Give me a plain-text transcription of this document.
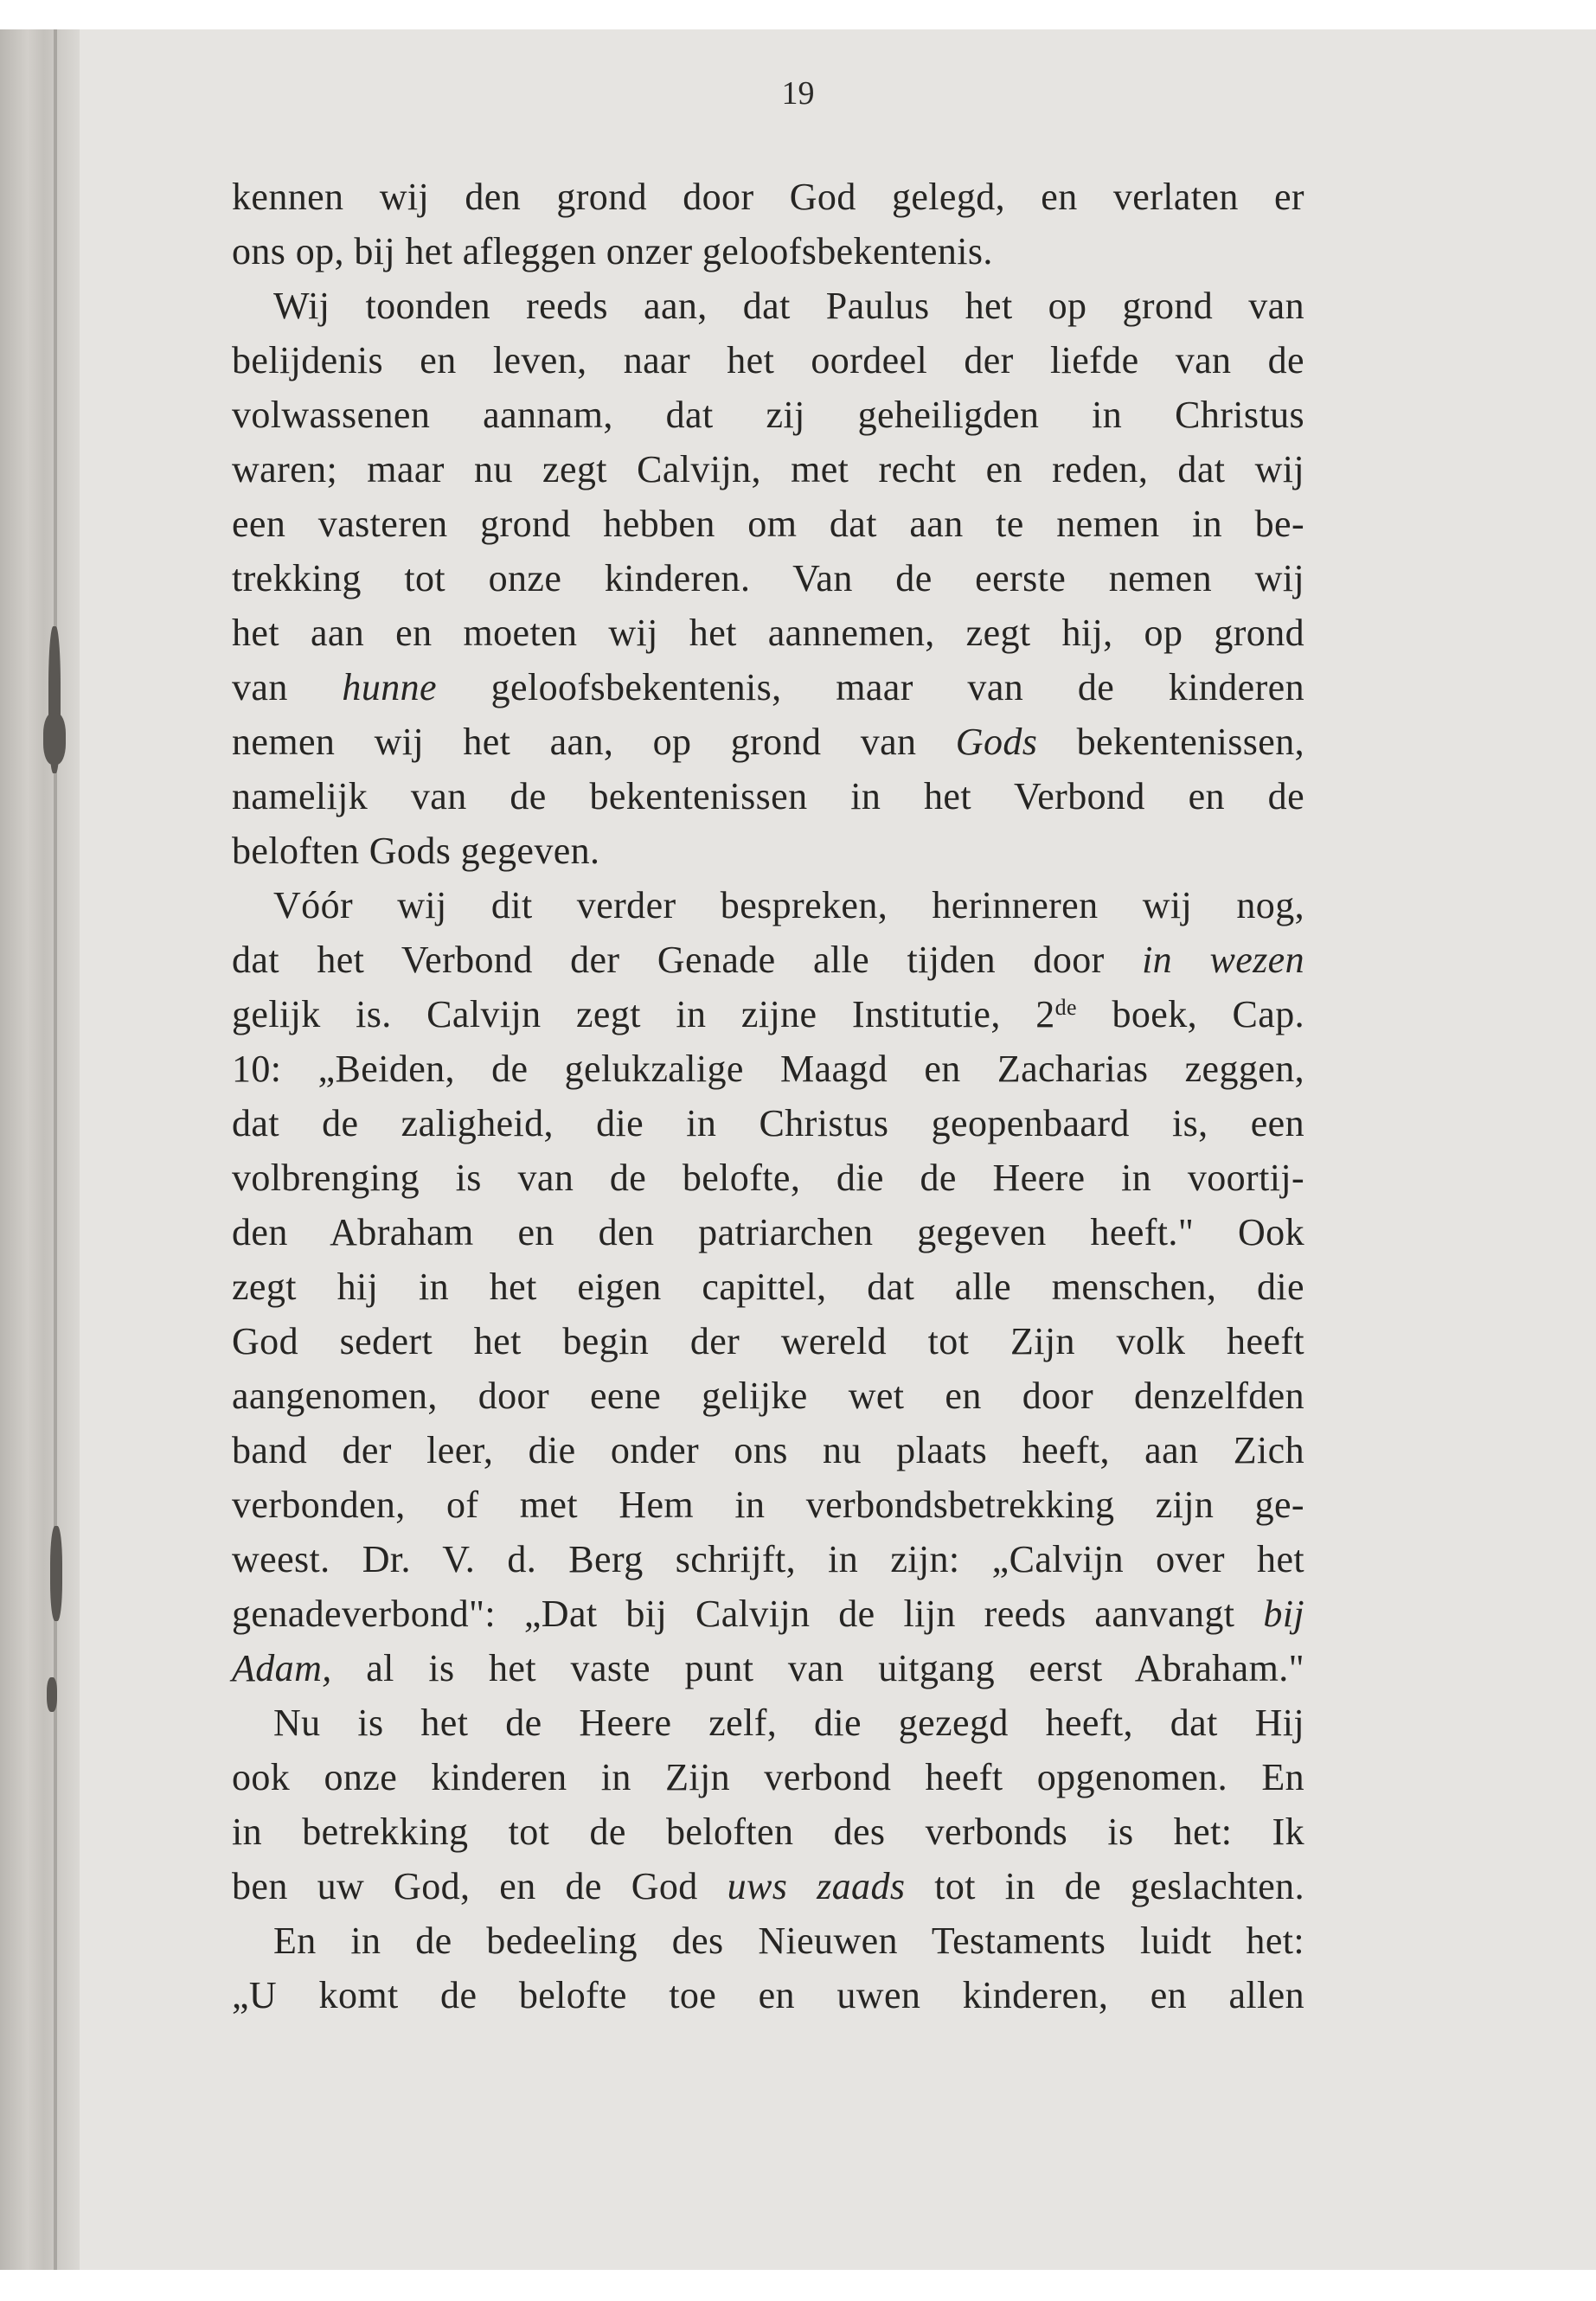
19
kennen wij den grond door God gelegd, en verlaten er
ons op, bij het afleggen onzer geloofsbekentenis.
Wij toonden reeds aan, dat Paulus het op grond van
belijdenis en leven, naar het oordeel der liefde van de
volwassenen aannam, dat zij geheiligden in Christus
waren; maar nu zegt Calvijn, met recht en reden, dat wij
een vasteren grond hebben om dat aan te nemen in be-
trekking tot onze kinderen. Van de eerste nemen wij
het aan en moeten wij het aannemen, zegt hij, op grond
van hunne geloofsbekentenis, maar van de kinderen
nemen wij het aan, op grond van Gods bekentenissen,
namelijk van de bekentenissen in het Verbond en de
beloften Gods gegeven.
Vóór wij dit verder bespreken, herinneren wij nog,
dat het Verbond der Genade alle tijden door in wezen
gelijk is. Calvijn zegt in zijne Institutie, 2de boek, Cap.
10: „Beiden, de gelukzalige Maagd en Zacharias zeggen,
dat de zaligheid, die in Christus geopenbaard is, een
volbrenging is van de belofte, die de Heere in voortij-
den Abraham en den patriarchen gegeven heeft." Ook
zegt hij in het eigen capittel, dat alle menschen, die
God sedert het begin der wereld tot Zijn volk heeft
aangenomen, door eene gelijke wet en door denzelfden
band der leer, die onder ons nu plaats heeft, aan Zich
verbonden, of met Hem in verbondsbetrekking zijn ge-
weest. Dr. V. d. Berg schrijft, in zijn: „Calvijn over het
genadeverbond": „Dat bij Calvijn de lijn reeds aanvangt bij
Adam, al is het vaste punt van uitgang eerst Abraham."
Nu is het de Heere zelf, die gezegd heeft, dat Hij
ook onze kinderen in Zijn verbond heeft opgenomen. En
in betrekking tot de beloften des verbonds is het: Ik
ben uw God, en de God uws zaads tot in de geslachten.
En in de bedeeling des Nieuwen Testaments luidt het:
„U komt de belofte toe en uwen kinderen, en allen
